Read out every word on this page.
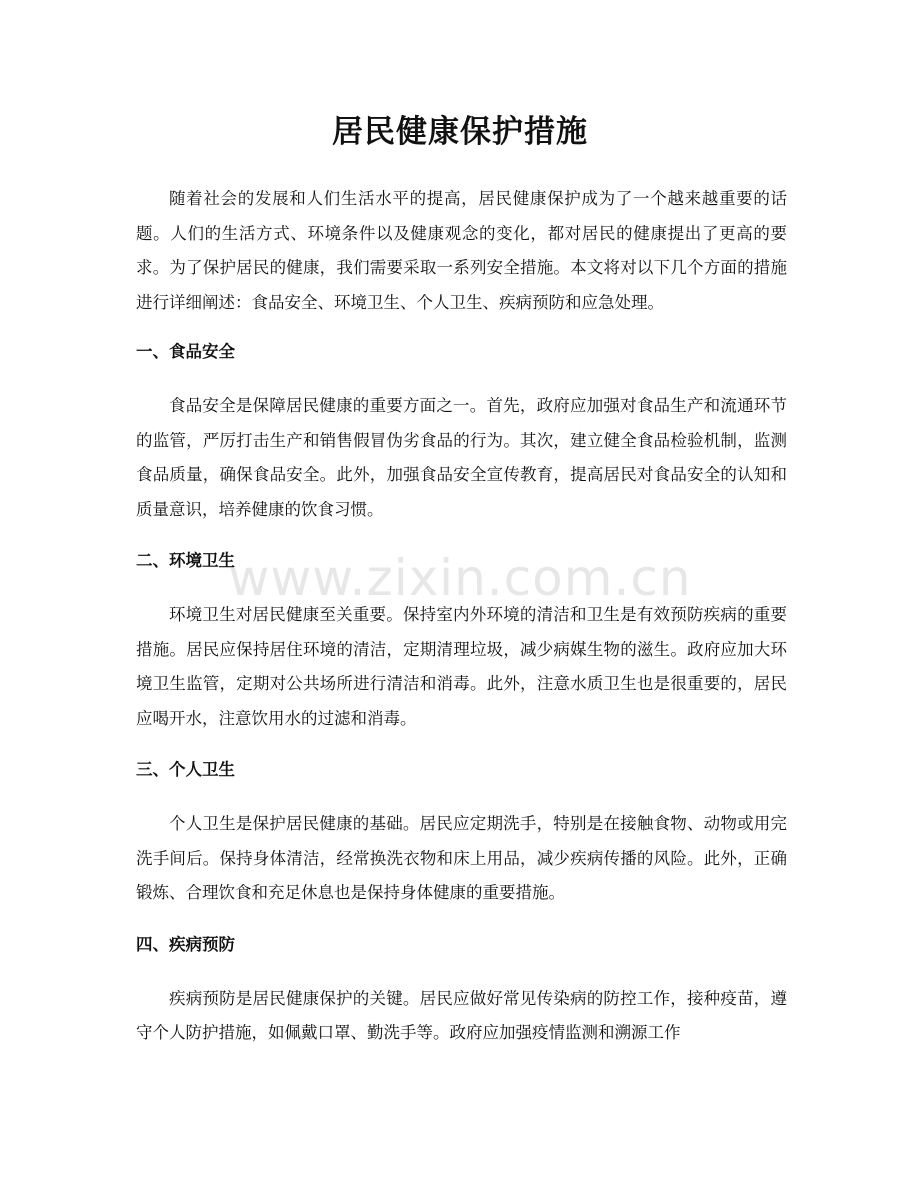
居民健康保护措施

随着社会的发展和人们生活水平的提高，居民健康保护成为了一个越来越重要的话题。人们的生活方式、环境条件以及健康观念的变化，都对居民的健康提出了更高的要求。为了保护居民的健康，我们需要采取一系列安全措施。本文将对以下几个方面的措施进行详细阐述：食品安全、环境卫生、个人卫生、疾病预防和应急处理。

一、食品安全

食品安全是保障居民健康的重要方面之一。首先，政府应加强对食品生产和流通环节的监管，严厉打击生产和销售假冒伪劣食品的行为。其次，建立健全食品检验机制，监测食品质量，确保食品安全。此外，加强食品安全宣传教育，提高居民对食品安全的认知和质量意识，培养健康的饮食习惯。

二、环境卫生

环境卫生对居民健康至关重要。保持室内外环境的清洁和卫生是有效预防疾病的重要措施。居民应保持居住环境的清洁，定期清理垃圾，减少病媒生物的滋生。政府应加大环境卫生监管，定期对公共场所进行清洁和消毒。此外，注意水质卫生也是很重要的，居民应喝开水，注意饮用水的过滤和消毒。

三、个人卫生

个人卫生是保护居民健康的基础。居民应定期洗手，特别是在接触食物、动物或用完洗手间后。保持身体清洁，经常换洗衣物和床上用品，减少疾病传播的风险。此外，正确锻炼、合理饮食和充足休息也是保持身体健康的重要措施。

四、疾病预防

疾病预防是居民健康保护的关键。居民应做好常见传染病的防控工作，接种疫苗，遵守个人防护措施，如佩戴口罩、勤洗手等。政府应加强疫情监测和溯源工作

www.zixin.com.cn
